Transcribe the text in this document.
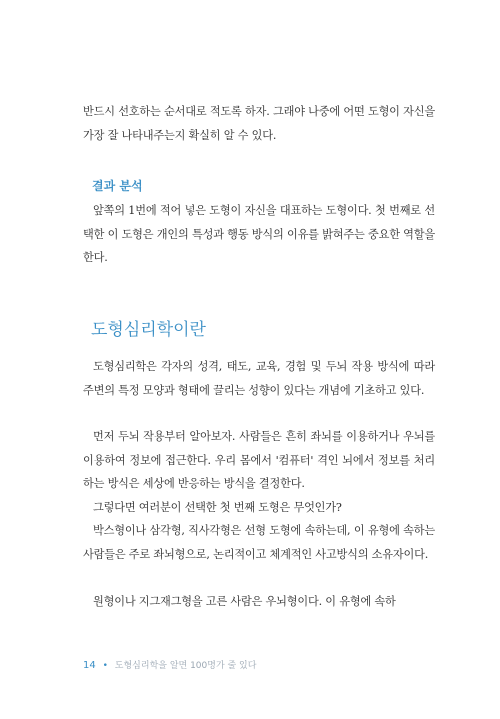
반드시 선호하는 순서대로 적도록 하자. 그래야 나중에 어떤 도형이 자신을 가장 잘 나타내주는지 확실히 알 수 있다.

결과 분석

앞쪽의 1번에 적어 넣은 도형이 자신을 대표하는 도형이다. 첫 번째로 선택한 이 도형은 개인의 특성과 행동 방식의 이유를 밝혀주는 중요한 역할을 한다.

도형심리학이란

도형심리학은 각자의 성격, 태도, 교육, 경험 및 두뇌 작용 방식에 따라 주변의 특정 모양과 형태에 끌리는 성향이 있다는 개념에 기초하고 있다.

먼저 두뇌 작용부터 알아보자. 사람들은 흔히 좌뇌를 이용하거나 우뇌를 이용하여 정보에 접근한다. 우리 몸에서 '컴퓨터' 격인 뇌에서 정보를 처리하는 방식은 세상에 반응하는 방식을 결정한다.

그렇다면 여러분이 선택한 첫 번째 도형은 무엇인가?

박스형이나 삼각형, 직사각형은 선형 도형에 속하는데, 이 유형에 속하는 사람들은 주로 좌뇌형으로, 논리적이고 체계적인 사고방식의 소유자이다.

원형이나 지그재그형을 고른 사람은 우뇌형이다. 이 유형에 속하

14 • 도형심리학을 알면 100명가 줄 있다
